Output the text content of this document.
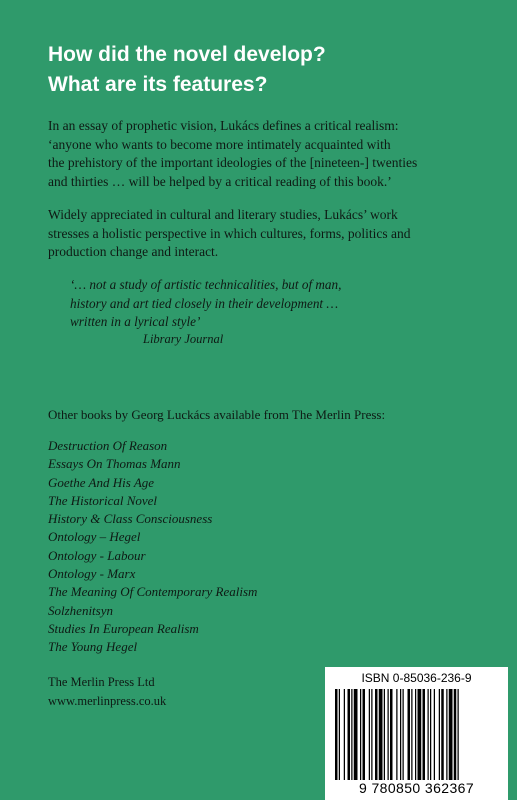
How did the novel develop?
What are its features?

In an essay of prophetic vision, Lukács defines a critical realism:
‘anyone who wants to become more intimately acquainted with
the prehistory of the important ideologies of the [nineteen-] twenties
and thirties … will be helped by a critical reading of this book.’

Widely appreciated in cultural and literary studies, Lukács’ work
stresses a holistic perspective in which cultures, forms, politics and
production change and interact.

‘… not a study of artistic technicalities, but of man,
history and art tied closely in their development …
written in a lyrical style’

Library Journal
Other books by Georg Luckács available from The Merlin Press:
Destruction Of Reason
Essays On Thomas Mann
Goethe And His Age
The Historical Novel
History & Class Consciousness
Ontology – Hegel
Ontology - Labour
Ontology - Marx
The Meaning Of Contemporary Realism
Solzhenitsyn
Studies In European Realism
The Young Hegel
The Merlin Press Ltd
www.merlinpress.co.uk
ISBN 0-85036-236-9
9 780850 362367
